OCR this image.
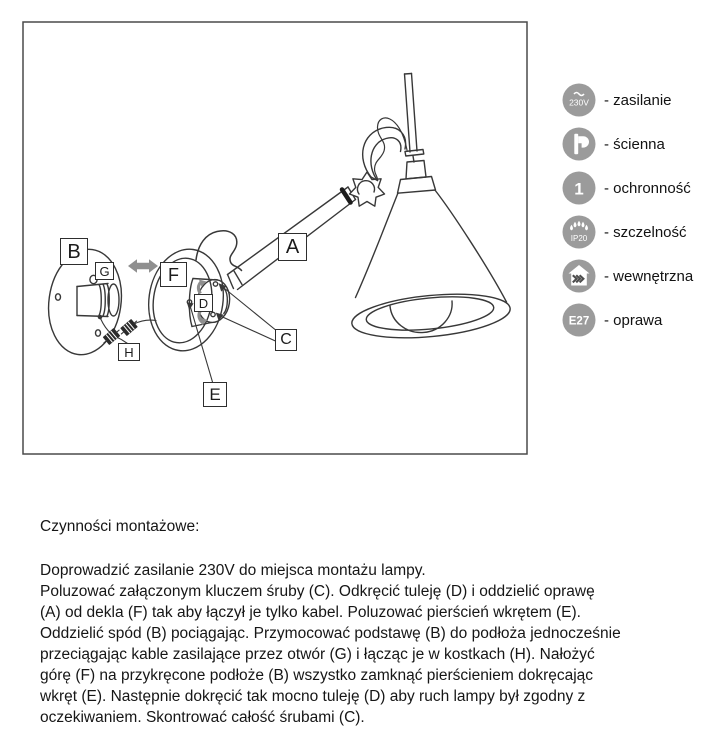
A
B
C
D
E
F
G
H
230V - zasilanie
- ścienna
1 - ochronność
IP20 - szczelność
- wewnętrzna
E27 - oprawa
Czynności montażowe:
Doprowadzić zasilanie 230V do miejsca montażu lampy.
Poluzować załączonym kluczem śruby (C). Odkręcić tuleję (D) i oddzielić oprawę
(A) od dekla (F) tak aby łączył je tylko kabel. Poluzować pierścień wkrętem (E).
Oddzielić spód (B) pociągając. Przymocować podstawę (B) do podłoża jednocześnie
przeciągając kable zasilające przez otwór (G) i łącząc je w kostkach (H). Nałożyć
górę (F) na przykręcone podłoże (B) wszystko zamknąć pierścieniem dokręcając
wkręt (E). Następnie dokręcić tak mocno tuleję (D) aby ruch lampy był zgodny z
oczekiwaniem. Skontrować całość śrubami (C).
